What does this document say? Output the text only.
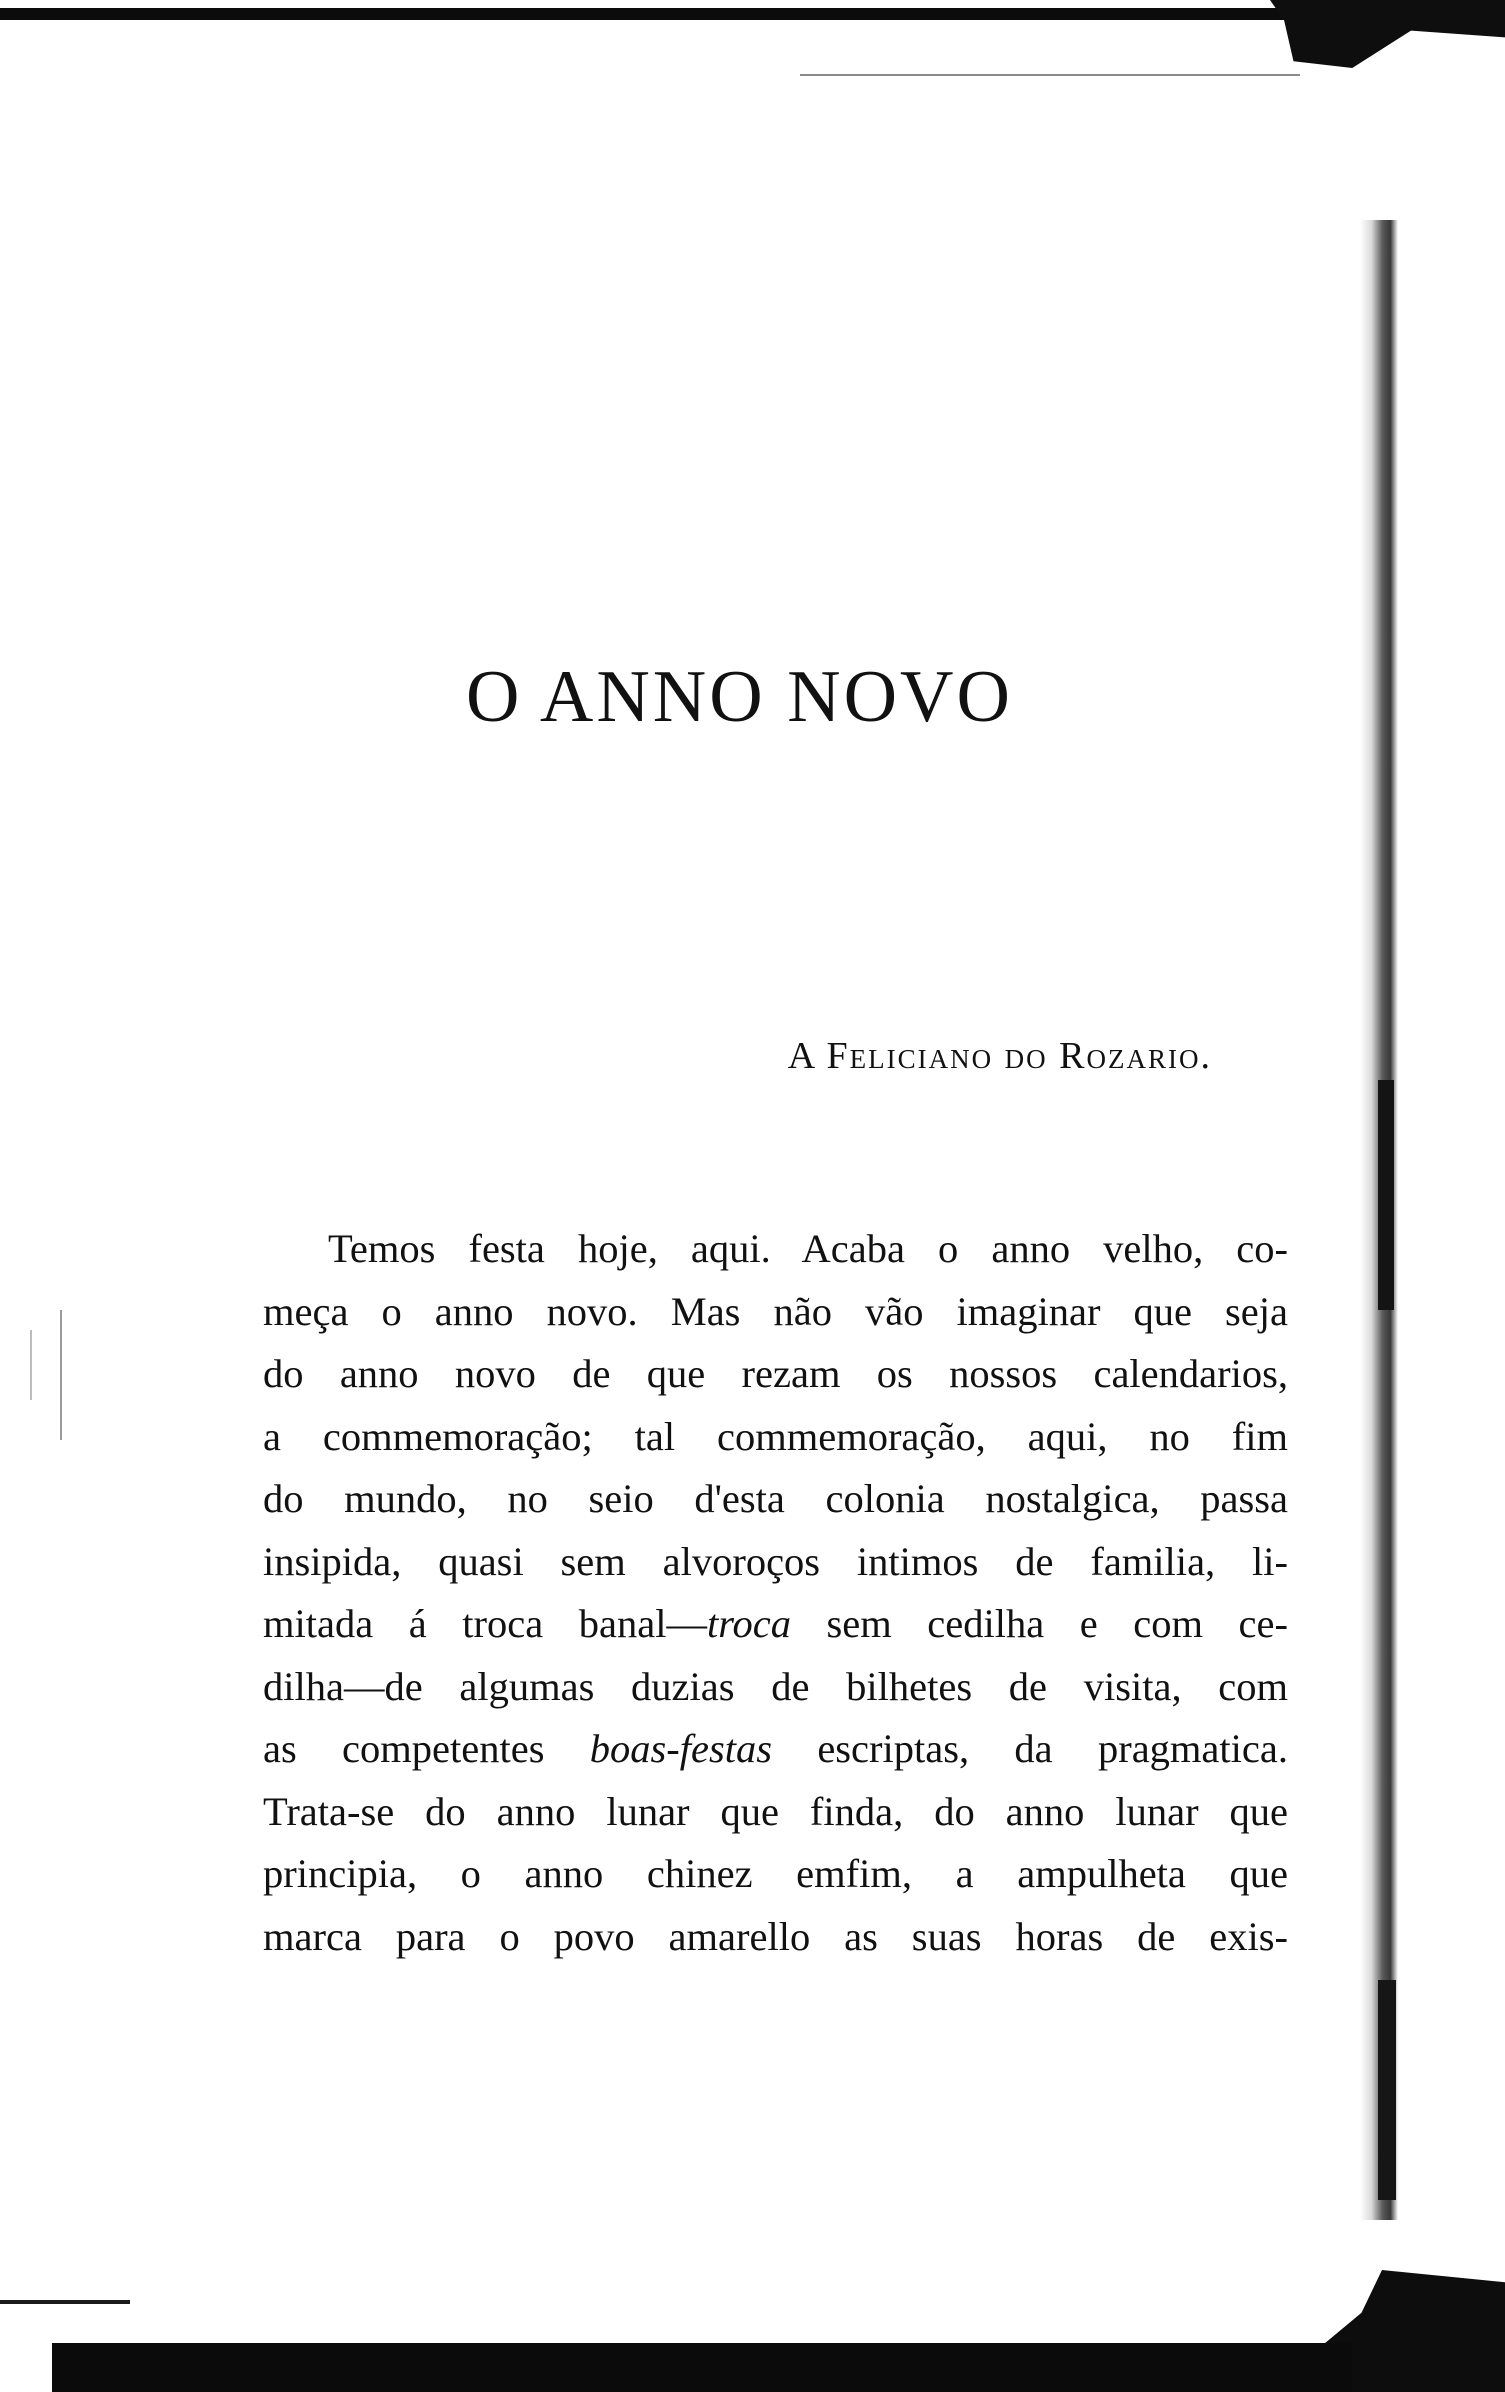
O ANNO NOVO

A Feliciano do Rozario.

Temos festa hoje, aqui. Acaba o anno velho, co-
meça o anno novo. Mas não vão imaginar que seja
do anno novo de que rezam os nossos calendarios,
a commemoração; tal commemoração, aqui, no fim
do mundo, no seio d'esta colonia nostalgica, passa
insipida, quasi sem alvoroços intimos de familia, li-
mitada á troca banal—troca sem cedilha e com ce-
dilha—de algumas duzias de bilhetes de visita, com
as competentes boas-festas escriptas, da pragmatica.
Trata-se do anno lunar que finda, do anno lunar que
principia, o anno chinez emfim, a ampulheta que
marca para o povo amarello as suas horas de exis-
